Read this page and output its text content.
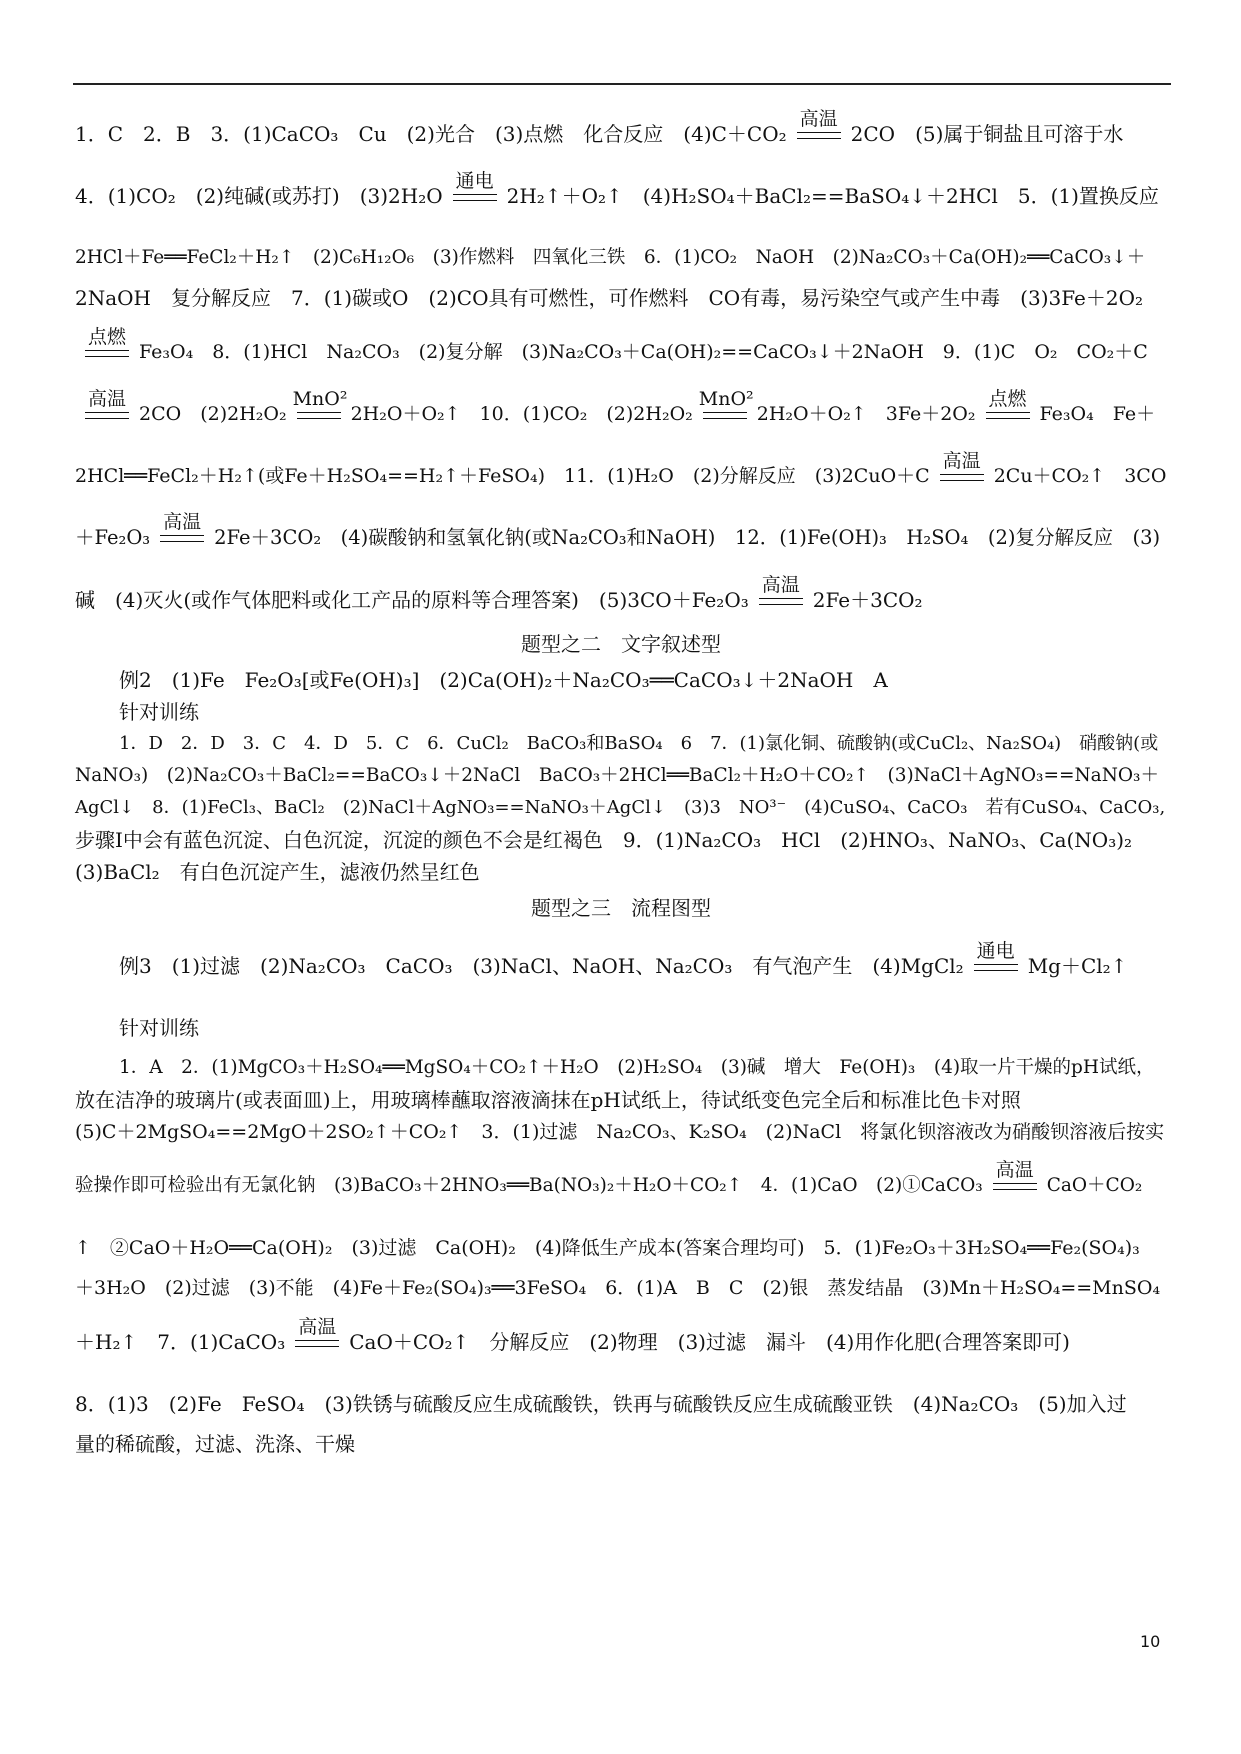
1．C　2．B　3．(1)CaCO₃　Cu　(2)光合　(3)点燃　化合反应　(4)C＋CO₂
高温
2CO　(5)属于铜盐且可溶于水
4．(1)CO₂　(2)纯碱(或苏打)　(3)2H₂O
通电
2H₂↑＋O₂↑　(4)H₂SO₄＋BaCl₂==BaSO₄↓＋2HCl　5．(1)置换反应
2HCl＋Fe══FeCl₂＋H₂↑　(2)C₆H₁₂O₆　(3)作燃料　四氧化三铁　6．(1)CO₂　NaOH　(2)Na₂CO₃＋Ca(OH)₂══CaCO₃↓＋
2NaOH　复分解反应　7．(1)碳或O　(2)CO具有可燃性，可作燃料　CO有毒，易污染空气或产生中毒　(3)3Fe＋2O₂
点燃
Fe₃O₄　8．(1)HCl　Na₂CO₃　(2)复分解　(3)Na₂CO₃＋Ca(OH)₂==CaCO₃↓＋2NaOH　9．(1)C　O₂　CO₂＋C
高温
2CO　(2)2H₂O₂
MnO²
2H₂O＋O₂↑　10．(1)CO₂　(2)2H₂O₂
MnO²
2H₂O＋O₂↑　3Fe＋2O₂
点燃
Fe₃O₄　Fe＋
2HCl══FeCl₂＋H₂↑(或Fe＋H₂SO₄==H₂↑＋FeSO₄)　11．(1)H₂O　(2)分解反应　(3)2CuO＋C
高温
2Cu＋CO₂↑　3CO
＋Fe₂O₃
高温
2Fe＋3CO₂　(4)碳酸钠和氢氧化钠(或Na₂CO₃和NaOH)　12．(1)Fe(OH)₃　H₂SO₄　(2)复分解反应　(3)
碱　(4)灭火(或作气体肥料或化工产品的原料等合理答案)　(5)3CO＋Fe₂O₃
高温
2Fe＋3CO₂
题型之二　文字叙述型
例2　(1)Fe　Fe₂O₃[或Fe(OH)₃]　(2)Ca(OH)₂＋Na₂CO₃══CaCO₃↓＋2NaOH　A
针对训练
1．D　2．D　3．C　4．D　5．C　6．CuCl₂　BaCO₃和BaSO₄　6　7．(1)氯化铜、硫酸钠(或CuCl₂、Na₂SO₄)　硝酸钠(或
NaNO₃)　(2)Na₂CO₃＋BaCl₂==BaCO₃↓＋2NaCl　BaCO₃＋2HCl══BaCl₂＋H₂O＋CO₂↑　(3)NaCl＋AgNO₃==NaNO₃＋
AgCl↓　8．(1)FeCl₃、BaCl₂　(2)NaCl＋AgNO₃==NaNO₃＋AgCl↓　(3)3　NO³⁻　(4)CuSO₄、CaCO₃　若有CuSO₄、CaCO₃,
步骤Ⅰ中会有蓝色沉淀、白色沉淀，沉淀的颜色不会是红褐色　9．(1)Na₂CO₃　HCl　(2)HNO₃、NaNO₃、Ca(NO₃)₂
(3)BaCl₂　有白色沉淀产生，滤液仍然呈红色
题型之三　流程图型
例3　(1)过滤　(2)Na₂CO₃　CaCO₃　(3)NaCl、NaOH、Na₂CO₃　有气泡产生　(4)MgCl₂
通电
Mg＋Cl₂↑
针对训练
1．A　2．(1)MgCO₃＋H₂SO₄══MgSO₄＋CO₂↑＋H₂O　(2)H₂SO₄　(3)碱　增大　Fe(OH)₃　(4)取一片干燥的pH试纸，
放在洁净的玻璃片(或表面皿)上，用玻璃棒蘸取溶液滴抹在pH试纸上，待试纸变色完全后和标准比色卡对照
(5)C＋2MgSO₄==2MgO＋2SO₂↑＋CO₂↑　3．(1)过滤　Na₂CO₃、K₂SO₄　(2)NaCl　将氯化钡溶液改为硝酸钡溶液后按实
验操作即可检验出有无氯化钠　(3)BaCO₃＋2HNO₃══Ba(NO₃)₂＋H₂O＋CO₂↑　4．(1)CaO　(2)①CaCO₃
高温
CaO＋CO₂
↑　②CaO＋H₂O══Ca(OH)₂　(3)过滤　Ca(OH)₂　(4)降低生产成本(答案合理均可)　5．(1)Fe₂O₃＋3H₂SO₄══Fe₂(SO₄)₃
＋3H₂O　(2)过滤　(3)不能　(4)Fe＋Fe₂(SO₄)₃══3FeSO₄　6．(1)A　B　C　(2)银　蒸发结晶　(3)Mn＋H₂SO₄==MnSO₄
＋H₂↑　7．(1)CaCO₃
高温
CaO＋CO₂↑　分解反应　(2)物理　(3)过滤　漏斗　(4)用作化肥(合理答案即可)
8．(1)3　(2)Fe　FeSO₄　(3)铁锈与硫酸反应生成硫酸铁，铁再与硫酸铁反应生成硫酸亚铁　(4)Na₂CO₃　(5)加入过
量的稀硫酸，过滤、洗涤、干燥
10
